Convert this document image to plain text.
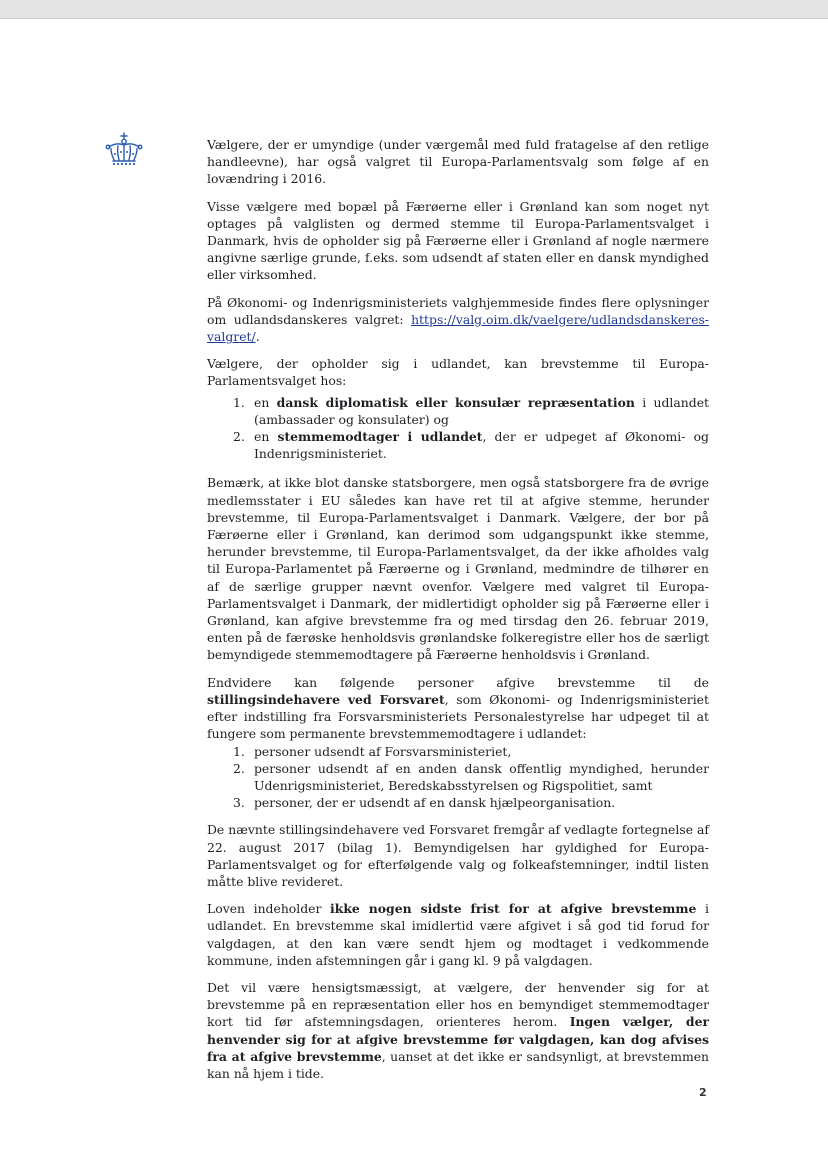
Vælgere, der er umyndige (under værgemål med fuld fratagelse af den retlige handleevne), har også valgret til Europa-Parlamentsvalg som følge af en lovændring i 2016.

Visse vælgere med bopæl på Færøerne eller i Grønland kan som noget nyt optages på valglisten og dermed stemme til Europa-Parlamentsvalget i Danmark, hvis de opholder sig på Færøerne eller i Grønland af nogle nærmere angivne særlige grunde, f.eks. som udsendt af staten eller en dansk myndighed eller virksomhed.

På Økonomi- og Indenrigsministeriets valghjemmeside findes flere oplysninger om udlandsdanskeres valgret: https://valg.oim.dk/vaelgere/udlandsdanskeres-valgret/.

Vælgere, der opholder sig i udlandet, kan brevstemme til Europa-Parlamentsvalget hos:

1. en dansk diplomatisk eller konsulær repræsentation i udlandet (ambassader og konsulater) og
2. en stemmemodtager i udlandet, der er udpeget af Økonomi- og Indenrigsministeriet.

Bemærk, at ikke blot danske statsborgere, men også statsborgere fra de øvrige medlemsstater i EU således kan have ret til at afgive stemme, herunder brevstemme, til Europa-Parlamentsvalget i Danmark. Vælgere, der bor på Færøerne eller i Grønland, kan derimod som udgangspunkt ikke stemme, herunder brevstemme, til Europa-Parlamentsvalget, da der ikke afholdes valg til Europa-Parlamentet på Færøerne og i Grønland, medmindre de tilhører en af de særlige grupper nævnt ovenfor. Vælgere med valgret til Europa-Parlamentsvalget i Danmark, der midlertidigt opholder sig på Færøerne eller i Grønland, kan afgive brevstemme fra og med tirsdag den 26. februar 2019, enten på de færøske henholdsvis grønlandske folkeregistre eller hos de særligt bemyndigede stemmemodtagere på Færøerne henholdsvis i Grønland.

Endvidere kan følgende personer afgive brevstemme til de stillingsindehavere ved Forsvaret, som Økonomi- og Indenrigsministeriet efter indstilling fra Forsvarsministeriets Personalestyrelse har udpeget til at fungere som permanente brevstemmemodtagere i udlandet:

1. personer udsendt af Forsvarsministeriet,
2. personer udsendt af en anden dansk offentlig myndighed, herunder Udenrigsministeriet, Beredskabsstyrelsen og Rigspolitiet, samt
3. personer, der er udsendt af en dansk hjælpeorganisation.

De nævnte stillingsindehavere ved Forsvaret fremgår af vedlagte fortegnelse af 22. august 2017 (bilag 1). Bemyndigelsen har gyldighed for Europa-Parlamentsvalget og for efterfølgende valg og folkeafstemninger, indtil listen måtte blive revideret.

Loven indeholder ikke nogen sidste frist for at afgive brevstemme i udlandet. En brevstemme skal imidlertid være afgivet i så god tid forud for valgdagen, at den kan være sendt hjem og modtaget i vedkommende kommune, inden afstemningen går i gang kl. 9 på valgdagen.

Det vil være hensigtsmæssigt, at vælgere, der henvender sig for at brevstemme på en repræsentation eller hos en bemyndiget stemmemodtager kort tid før afstemningsdagen, orienteres herom. Ingen vælger, der henvender sig for at afgive brevstemme før valgdagen, kan dog afvises fra at afgive brevstemme, uanset at det ikke er sandsynligt, at brevstemmen kan nå hjem i tide.

2
